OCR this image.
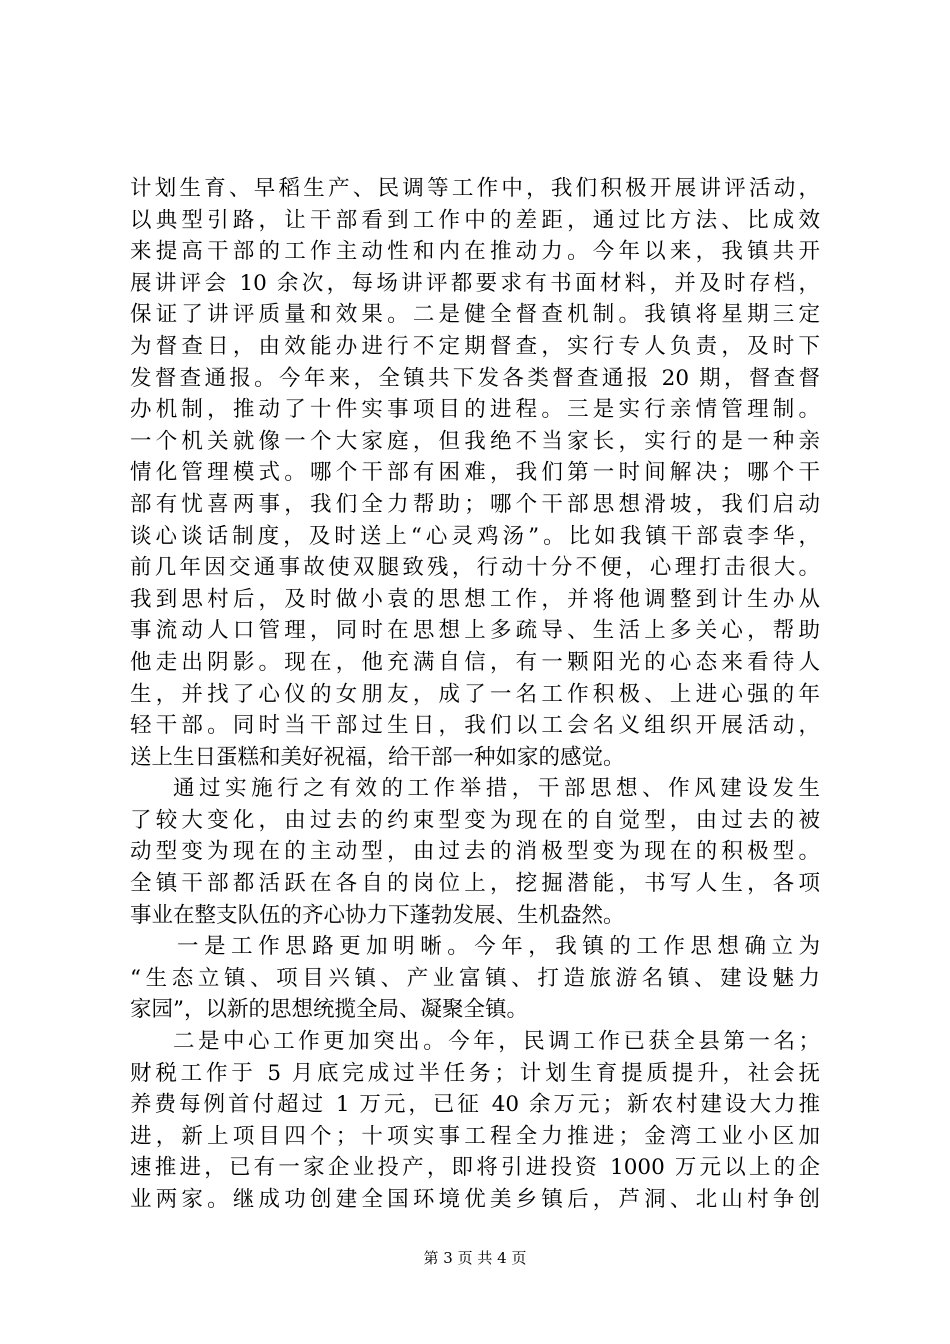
计划生育、早稻生产、民调等工作中，我们积极开展讲评活动，
以典型引路，让干部看到工作中的差距，通过比方法、比成效
来提高干部的工作主动性和内在推动力。今年以来，我镇共开
展讲评会 10 余次，每场讲评都要求有书面材料，并及时存档，
保证了讲评质量和效果。二是健全督查机制。我镇将星期三定
为督查日，由效能办进行不定期督查，实行专人负责，及时下
发督查通报。今年来，全镇共下发各类督查通报 20 期，督查督
办机制，推动了十件实事项目的进程。三是实行亲情管理制。
一个机关就像一个大家庭，但我绝不当家长，实行的是一种亲
情化管理模式。哪个干部有困难，我们第一时间解决；哪个干
部有忧喜两事，我们全力帮助；哪个干部思想滑坡，我们启动
谈心谈话制度，及时送上“心灵鸡汤”。比如我镇干部袁李华，
前几年因交通事故使双腿致残，行动十分不便，心理打击很大。
我到思村后，及时做小袁的思想工作，并将他调整到计生办从
事流动人口管理，同时在思想上多疏导、生活上多关心，帮助
他走出阴影。现在，他充满自信，有一颗阳光的心态来看待人
生，并找了心仪的女朋友，成了一名工作积极、上进心强的年
轻干部。同时当干部过生日，我们以工会名义组织开展活动，
送上生日蛋糕和美好祝福，给干部一种如家的感觉。
通过实施行之有效的工作举措，干部思想、作风建设发生
了较大变化，由过去的约束型变为现在的自觉型，由过去的被
动型变为现在的主动型，由过去的消极型变为现在的积极型。
全镇干部都活跃在各自的岗位上，挖掘潜能，书写人生，各项
事业在整支队伍的齐心协力下蓬勃发展、生机盎然。
一是工作思路更加明晰。今年，我镇的工作思想确立为
“生态立镇、项目兴镇、产业富镇、打造旅游名镇、建设魅力
家园”，以新的思想统揽全局、凝聚全镇。
二是中心工作更加突出。今年，民调工作已获全县第一名；
财税工作于 5 月底完成过半任务；计划生育提质提升，社会抚
养费每例首付超过 1 万元，已征 40 余万元；新农村建设大力推
进，新上项目四个；十项实事工程全力推进；金湾工业小区加
速推进，已有一家企业投产，即将引进投资 1000 万元以上的企
业两家。继成功创建全国环境优美乡镇后，芦洞、北山村争创
第 3 页 共 4 页
